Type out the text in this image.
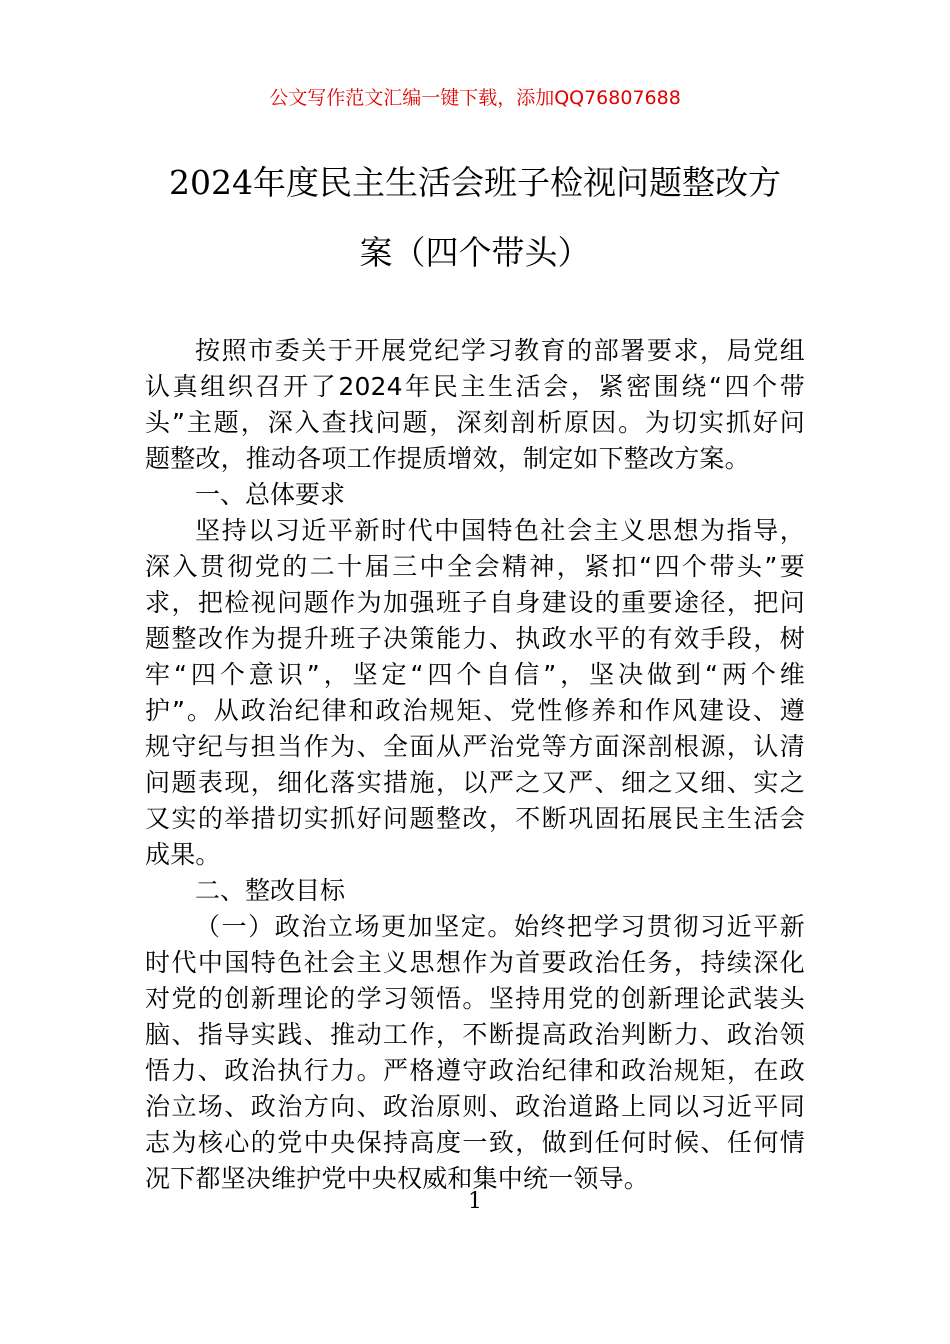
公文写作范文汇编一键下载，添加QQ76807688
2024年度民主生活会班子检视问题整改方
案（四个带头）
按照市委关于开展党纪学习教育的部署要求，局党组
认真组织召开了2024年民主生活会，紧密围绕“四个带
头”主题，深入查找问题，深刻剖析原因。为切实抓好问
题整改，推动各项工作提质增效，制定如下整改方案。
一、总体要求
坚持以习近平新时代中国特色社会主义思想为指导，
深入贯彻党的二十届三中全会精神，紧扣“四个带头”要
求，把检视问题作为加强班子自身建设的重要途径，把问
题整改作为提升班子决策能力、执政水平的有效手段，树
牢“四个意识”，坚定“四个自信”，坚决做到“两个维
护”。从政治纪律和政治规矩、党性修养和作风建设、遵
规守纪与担当作为、全面从严治党等方面深剖根源，认清
问题表现，细化落实措施，以严之又严、细之又细、实之
又实的举措切实抓好问题整改，不断巩固拓展民主生活会
成果。
二、整改目标
（一）政治立场更加坚定。始终把学习贯彻习近平新
时代中国特色社会主义思想作为首要政治任务，持续深化
对党的创新理论的学习领悟。坚持用党的创新理论武装头
脑、指导实践、推动工作，不断提高政治判断力、政治领
悟力、政治执行力。严格遵守政治纪律和政治规矩，在政
治立场、政治方向、政治原则、政治道路上同以习近平同
志为核心的党中央保持高度一致，做到任何时候、任何情
况下都坚决维护党中央权威和集中统一领导。
1
